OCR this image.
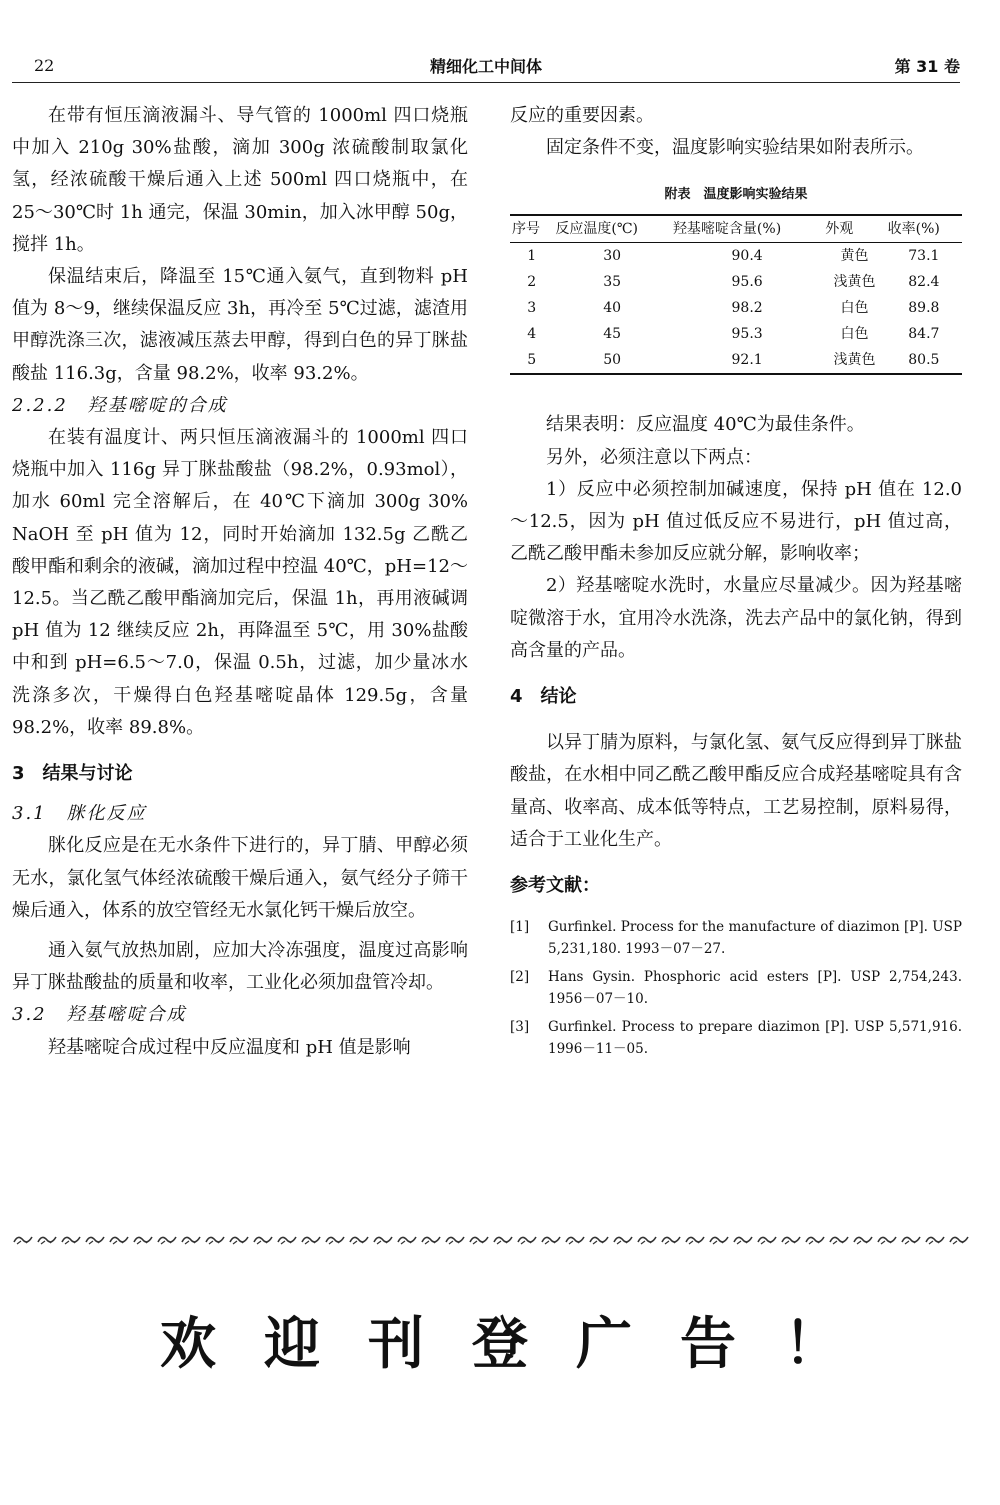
22	精细化工中间体	第 31 卷

在带有恒压滴液漏斗、导气管的 1000ml 四口烧瓶中加入 210g 30%盐酸，滴加 300g 浓硫酸制取氯化氢，经浓硫酸干燥后通入上述 500ml 四口烧瓶中，在 25～30℃时 1h 通完，保温 30min，加入冰甲醇 50g，搅拌 1h。

保温结束后，降温至 15℃通入氨气，直到物料 pH 值为 8～9，继续保温反应 3h，再冷至 5℃过滤，滤渣用甲醇洗涤三次，滤液减压蒸去甲醇，得到白色的异丁脒盐酸盐 116.3g，含量 98.2%，收率 93.2%。

2.2.2　羟基嘧啶的合成

在装有温度计、两只恒压滴液漏斗的 1000ml 四口烧瓶中加入 116g 异丁脒盐酸盐（98.2%，0.93mol），加水 60ml 完全溶解后，在 40℃下滴加 300g 30% NaOH 至 pH 值为 12，同时开始滴加 132.5g 乙酰乙酸甲酯和剩余的液碱，滴加过程中控温 40℃，pH=12～12.5。当乙酰乙酸甲酯滴加完后，保温 1h，再用液碱调 pH 值为 12 继续反应 2h，再降温至 5℃，用 30%盐酸中和到 pH=6.5～7.0，保温 0.5h，过滤，加少量冰水洗涤多次，干燥得白色羟基嘧啶晶体 129.5g，含量 98.2%，收率 89.8%。

3　结果与讨论
3.1　脒化反应

脒化反应是在无水条件下进行的，异丁腈、甲醇必须无水，氯化氢气体经浓硫酸干燥后通入，氨气经分子筛干燥后通入，体系的放空管经无水氯化钙干燥后放空。

通入氨气放热加剧，应加大冷冻强度，温度过高影响异丁脒盐酸盐的质量和收率，工业化必须加盘管冷却。

3.2　羟基嘧啶合成

羟基嘧啶合成过程中反应温度和 pH 值是影响

反应的重要因素。

固定条件不变，温度影响实验结果如附表所示。

附表　温度影响实验结果
序号	反应温度(℃)	羟基嘧啶含量(%)	外观	收率(%)
1	30	90.4	黄色	73.1
2	35	95.6	浅黄色	82.4
3	40	98.2	白色	89.8
4	45	95.3	白色	84.7
5	50	92.1	浅黄色	80.5

结果表明：反应温度 40℃为最佳条件。

另外，必须注意以下两点：

1）反应中必须控制加碱速度，保持 pH 值在 12.0～12.5，因为 pH 值过低反应不易进行，pH 值过高，乙酰乙酸甲酯未参加反应就分解，影响收率；

2）羟基嘧啶水洗时，水量应尽量减少。因为羟基嘧啶微溶于水，宜用冷水洗涤，洗去产品中的氯化钠，得到高含量的产品。

4　结论

以异丁腈为原料，与氯化氢、氨气反应得到异丁脒盐酸盐，在水相中同乙酰乙酸甲酯反应合成羟基嘧啶具有含量高、收率高、成本低等特点，工艺易控制，原料易得，适合于工业化生产。

参考文献：
[1]	Gurfinkel. Process for the manufacture of diazimon [P]. USP 5,231,180. 1993－07－27.
[2]	Hans Gysin. Phosphoric acid esters [P]. USP 2,754,243. 1956－07－10.
[3]	Gurfinkel. Process to prepare diazimon [P]. USP 5,571,916. 1996－11－05.
欢迎刊登广告！
